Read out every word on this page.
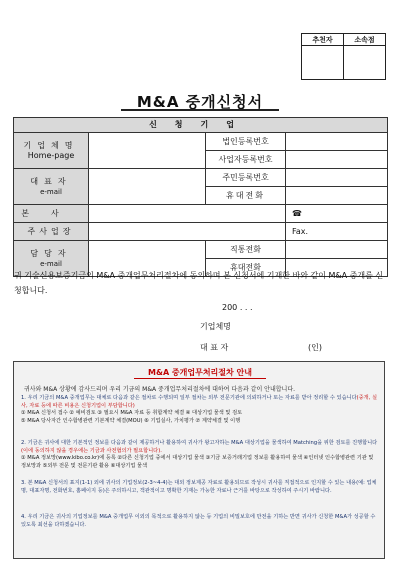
추천자	소속점

M&A 중개신청서
신청기업			

기업체명
Home-page		법인등록번호	
		사업자등록번호	

대표자
e-mail		주민등록번호	
		휴대전화	
본사			☎
주사업장			Fax.

담당자
e-mail		직통전화	
		휴대전화	
귀 기술신용보증기금의 M&A 중개업무처리절차에 동의하며 본 신청서에 기재한 바와 같이 M&A 중개를 신청합니다.
200 . . .
기업체명
대 표 자	(인)
M&A 중개업무처리절차 안내
귀사와 M&A 상황에 감사드리며 우리 기금의 M&A 중개업무처리절차에 대하여 다음과 같이 안내합니다.
1. 우리 기금의 M&A 중개업무는 대체로 다음과 같은 절차로 수행되며 일부 절차는 외부 전문기관에 의뢰하거나 또는 자료를 받아 정리할 수 있습니다(중개, 실사, 자료 등에 따른 비용은 신청기업이 부담합니다)
① M&A 신청서 접수 ② 예비검토 ③ 필요시 M&A 자료 등 취합계약 체결 ④ 대상기업 물색 및 검토
⑤ M&A 당사자간 인수합병관련 기본계약 체결(MOU) ⑥ 기업실사, 가치평가 ⑦ 계약체결 및 이행
2. 기금은 귀사에 대한 기본적인 정보를 다음과 같이 제공하거나 활용하여 귀사가 왕고자하는 M&A 대상기업을 물색하여 Matching을 위한 검토를 진행합니다(이에 동의하지 않을 경우에는 기금과 사전협의가 필요합니다).
① M&A 정보망(www.kibo.co.kr)에 등록 ②다른 신청기업 중에서 대상기업 물색 ③기금 보증거래기업 정보를 활용하여 물색 ④인터넷 인수합병관련 기관 및 정보망과 ⑤외부 전문 및 전문기관 활용 ⑥대상기업 물색
3. 본 M&A 신청서의 표지(1-1) 외에 귀사의 기업정보(2-3~4-4)는 대외 정보제공 자료로 활용되므로 작성시 귀사를 직접적으로 인지할 수 있는 내용(예: 업체명, 대표자명, 전화번호, 홈페이지 등)은 주의하시고, 객관적이고 명확한 기재는 가능한 자료나 근거를 바탕으로 작성하여 주시기 바랍니다.
4. 우리 기금은 귀사의 기업정보를 M&A 중개업무 이외의 목적으로 활용하지 않는 등 기업의 비밀보호에 만전을 기하는 반면 귀사가 신청한 M&A가 성공할 수 있도록 최선을 다하겠습니다.
